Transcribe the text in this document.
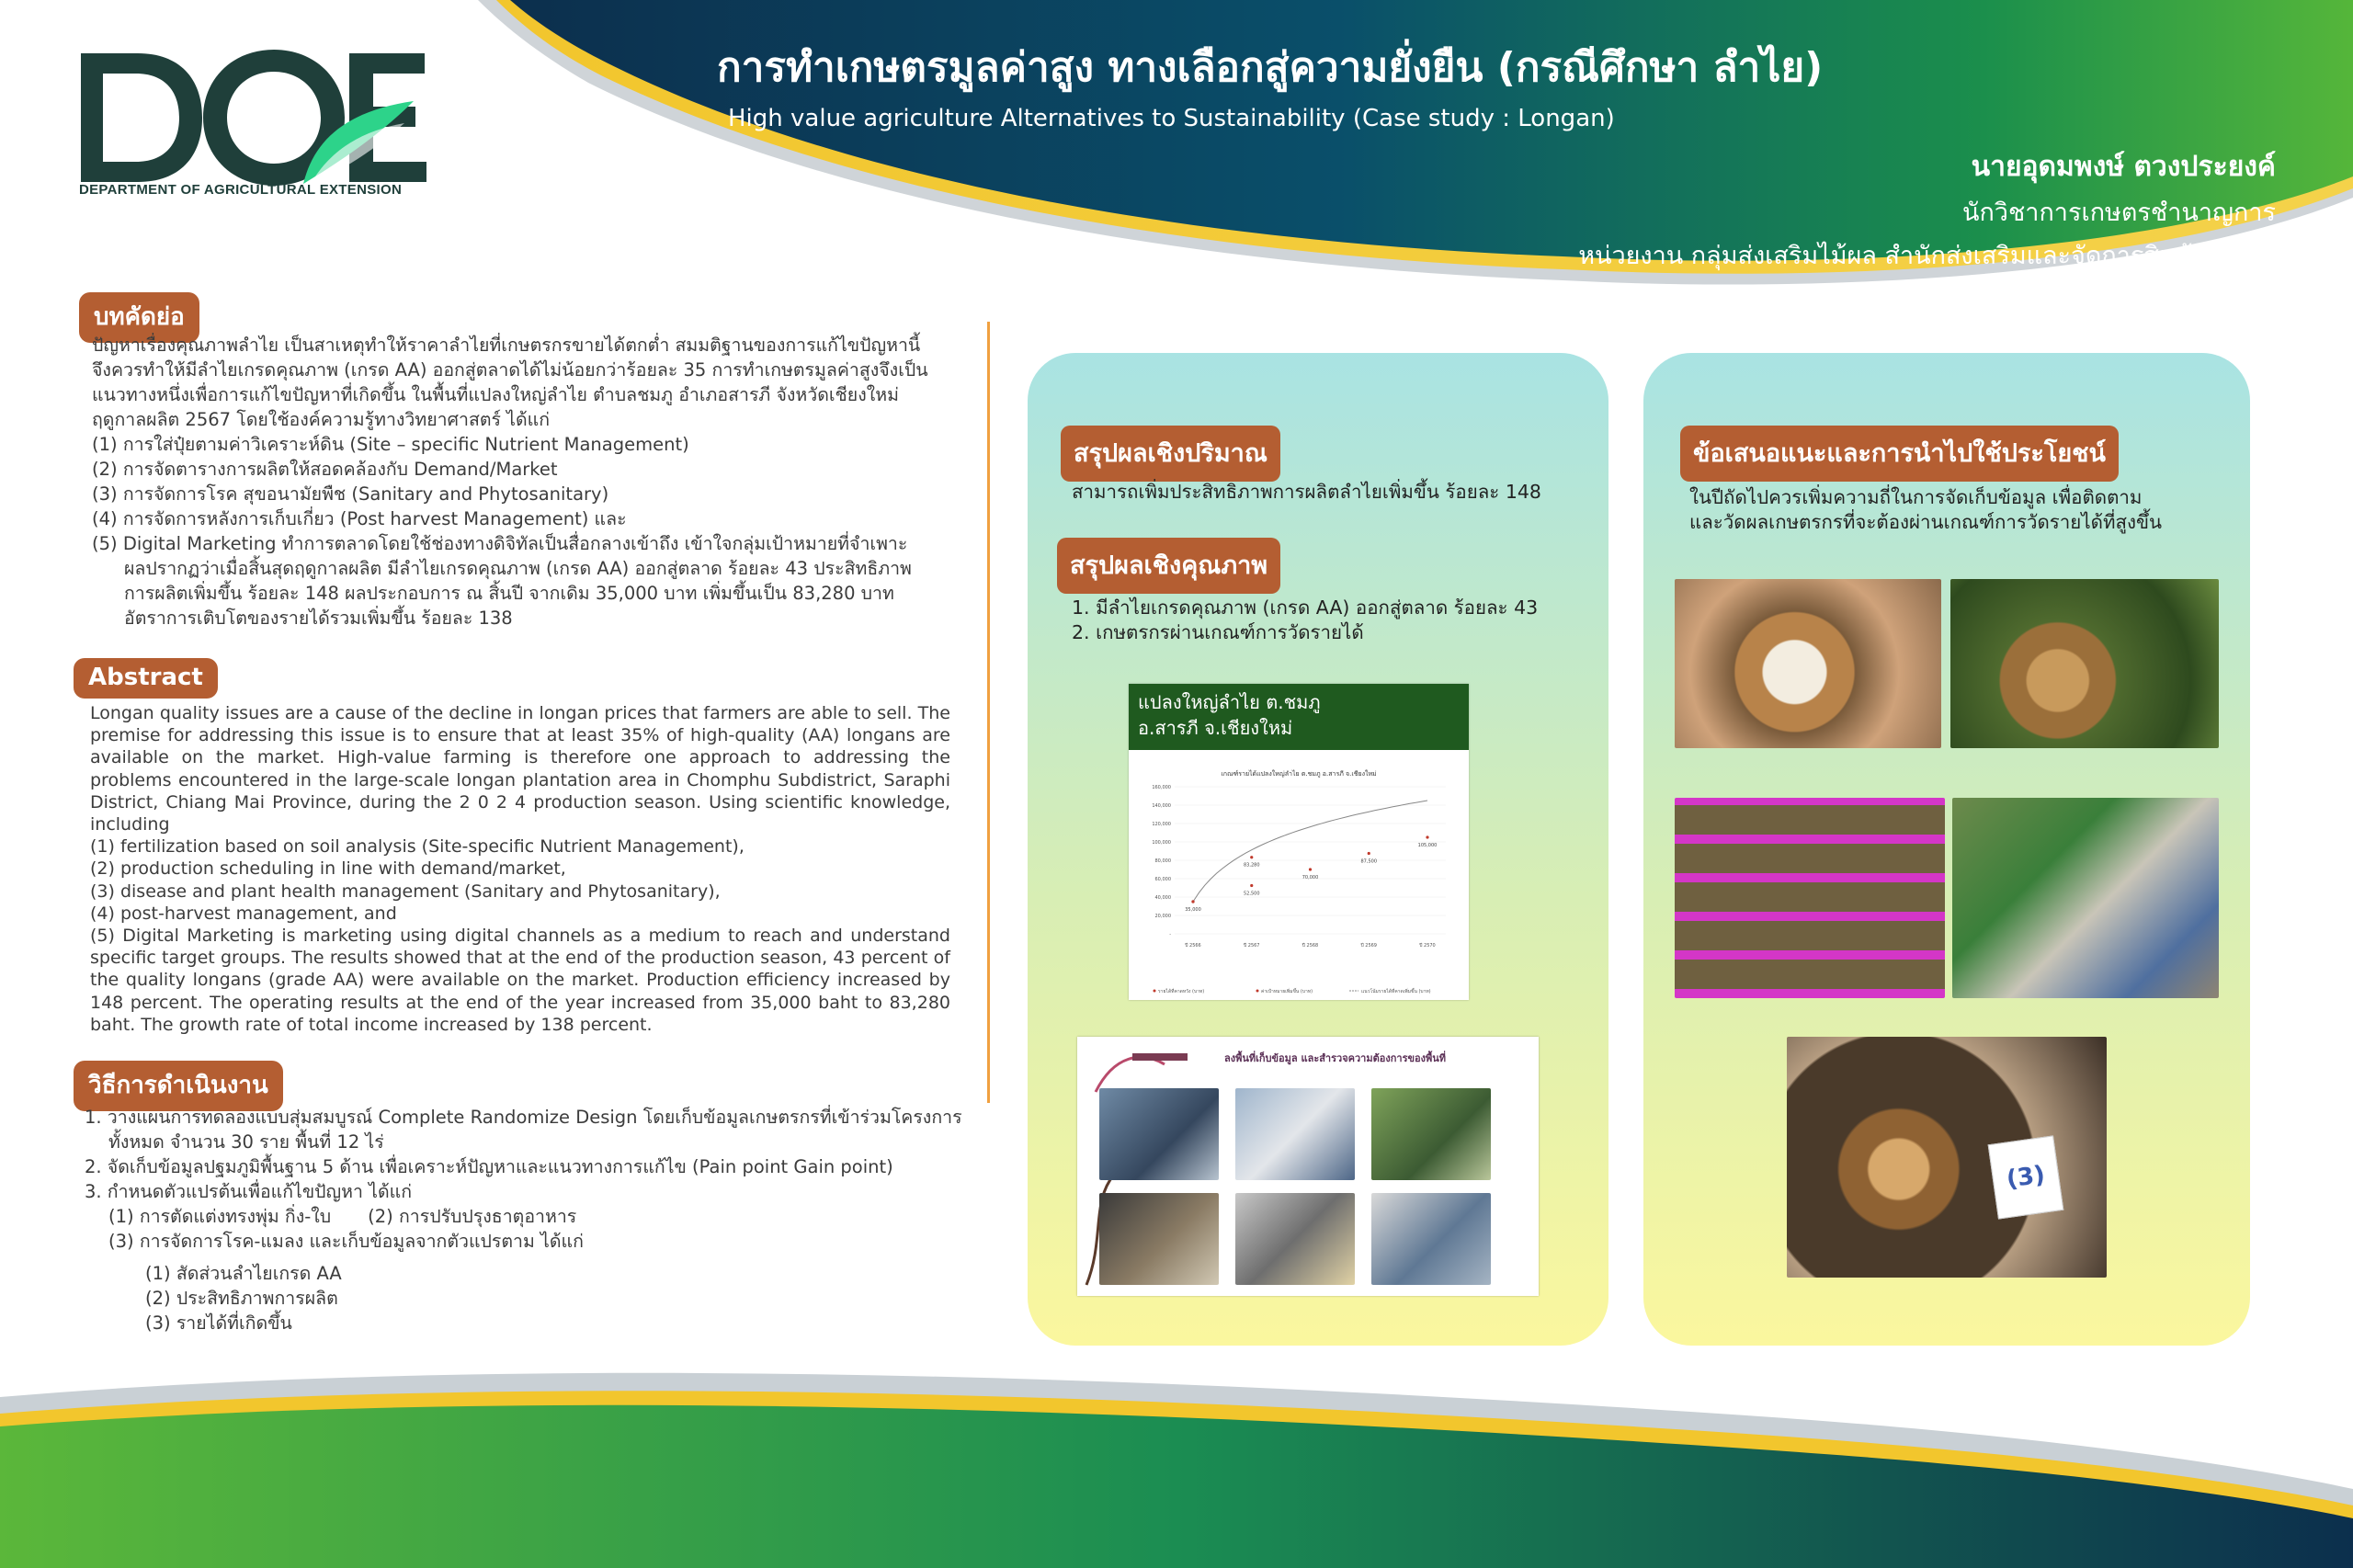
DEPARTMENT OF AGRICULTURAL EXTENSION
การทำเกษตรมูลค่าสูง ทางเลือกสู่ความยั่งยืน (กรณีศึกษา ลำไย)
High value agriculture Alternatives to Sustainability (Case study : Longan)
นายอุดมพงษ์ ตวงประยงค์
นักวิชาการเกษตรชำนาญการ
หน่วยงาน กลุ่มส่งเสริมไม้ผล สำนักส่งเสริมและจัดการสินค้าเกษตร
บทคัดย่อ

ปัญหาเรื่องคุณภาพลำไย เป็นสาเหตุทำให้ราคาลำไยที่เกษตรกรขายได้ตกต่ำ สมมติฐานของการแก้ไขปัญหานี้

จึงควรทำให้มีลำไยเกรดคุณภาพ (เกรด AA) ออกสู่ตลาดได้ไม่น้อยกว่าร้อยละ 35 การทำเกษตรมูลค่าสูงจึงเป็น

แนวทางหนึ่งเพื่อการแก้ไขปัญหาที่เกิดขึ้น ในพื้นที่แปลงใหญ่ลำไย ตำบลชมภู อำเภอสารภี จังหวัดเชียงใหม่

ฤดูกาลผลิต 2567 โดยใช้องค์ความรู้ทางวิทยาศาสตร์ ได้แก่

(1) การใส่ปุ๋ยตามค่าวิเคราะห์ดิน (Site – specific Nutrient Management)

(2) การจัดตารางการผลิตให้สอดคล้องกับ Demand/Market

(3) การจัดการโรค สุขอนามัยพืช (Sanitary and Phytosanitary)

(4) การจัดการหลังการเก็บเกี่ยว (Post harvest Management) และ

(5) Digital Marketing ทำการตลาดโดยใช้ช่องทางดิจิทัลเป็นสื่อกลางเข้าถึง เข้าใจกลุ่มเป้าหมายที่จำเพาะ

ผลปรากฏว่าเมื่อสิ้นสุดฤดูกาลผลิต มีลำไยเกรดคุณภาพ (เกรด AA) ออกสู่ตลาด ร้อยละ 43 ประสิทธิภาพ

การผลิตเพิ่มขึ้น ร้อยละ 148 ผลประกอบการ ณ สิ้นปี จากเดิม 35,000 บาท เพิ่มขึ้นเป็น 83,280 บาท

อัตราการเติบโตของรายได้รวมเพิ่มขึ้น ร้อยละ 138

Abstract

Longan quality issues are a cause of the decline in longan prices that farmers are able to sell. The premise for addressing this issue is to ensure that at least 35% of high-quality (AA) longans are available on the market. High-value farming is therefore one approach to addressing the problems encountered in the large-scale longan plantation area in Chomphu Subdistrict, Saraphi District, Chiang Mai Province, during the 2 0 2 4 production season. Using scientific knowledge, including

(1) fertilization based on soil analysis (Site-specific Nutrient Management),

(2) production scheduling in line with demand/market,

(3) disease and plant health management (Sanitary and Phytosanitary),

(4) post-harvest management, and

(5) Digital Marketing is marketing using digital channels as a medium to reach and understand specific target groups. The results showed that at the end of the production season, 43 percent of the quality longans (grade AA) were available on the market. Production efficiency increased by 148 percent. The operating results at the end of the year increased from 35,000 baht to 83,280 baht. The growth rate of total income increased by 138 percent.

วิธีการดำเนินงาน

1. วางแผนการทดลองแบบสุ่มสมบูรณ์ Complete Randomize Design โดยเก็บข้อมูลเกษตรกรที่เข้าร่วมโครงการ

ทั้งหมด จำนวน 30 ราย พื้นที่ 12 ไร่

2. จัดเก็บข้อมูลปฐมภูมิพื้นฐาน 5 ด้าน เพื่อเคราะห์ปัญหาและแนวทางการแก้ไข (Pain point Gain point)

3. กำหนดตัวแปรต้นเพื่อแก้ไขปัญหา ได้แก่

(1) การตัดแต่งทรงพุ่ม กิ่ง-ใบ (2) การปรับปรุงธาตุอาหาร

(3) การจัดการโรค-แมลง และเก็บข้อมูลจากตัวแปรตาม ได้แก่

(1) สัดส่วนลำไยเกรด AA

(2) ประสิทธิภาพการผลิต

(3) รายได้ที่เกิดขึ้น

สรุปผลเชิงปริมาณ
สามารถเพิ่มประสิทธิภาพการผลิตลำไยเพิ่มขึ้น ร้อยละ 148
สรุปผลเชิงคุณภาพ
1. มีลำไยเกรดคุณภาพ (เกรด AA) ออกสู่ตลาด ร้อยละ 43
2. เกษตรกรผ่านเกณฑ์การวัดรายได้
แปลงใหญ่ลำไย ต.ชมภู
อ.สารภี จ.เชียงใหม่
เกณฑ์รายได้แปลงใหญ่ลำไย ต.ชมภู อ.สารภี จ.เชียงใหม่
160,000
140,000
120,000
100,000
80,000
60,000
40,000
20,000
-
ปี 2566	ปี 2567	ปี 2568	ปี 2569	ปี 2570
35,000
52,500
70,000
87,500
105,000
83,280
รายได้ที่คาดหวัง (บาท)	ค่าเป้าหมายเพิ่มขึ้น (บาท)	แนวโน้มรายได้ที่คาดเพิ่มขึ้น (บาท)
ลงพื้นที่เก็บข้อมูล และสำรวจความต้องการของพื้นที่
ข้อเสนอแนะและการนำไปใช้ประโยชน์
ในปีถัดไปควรเพิ่มความถี่ในการจัดเก็บข้อมูล เพื่อติดตาม
และวัดผลเกษตรกรที่จะต้องผ่านเกณฑ์การวัดรายได้ที่สูงขึ้น
(3)
